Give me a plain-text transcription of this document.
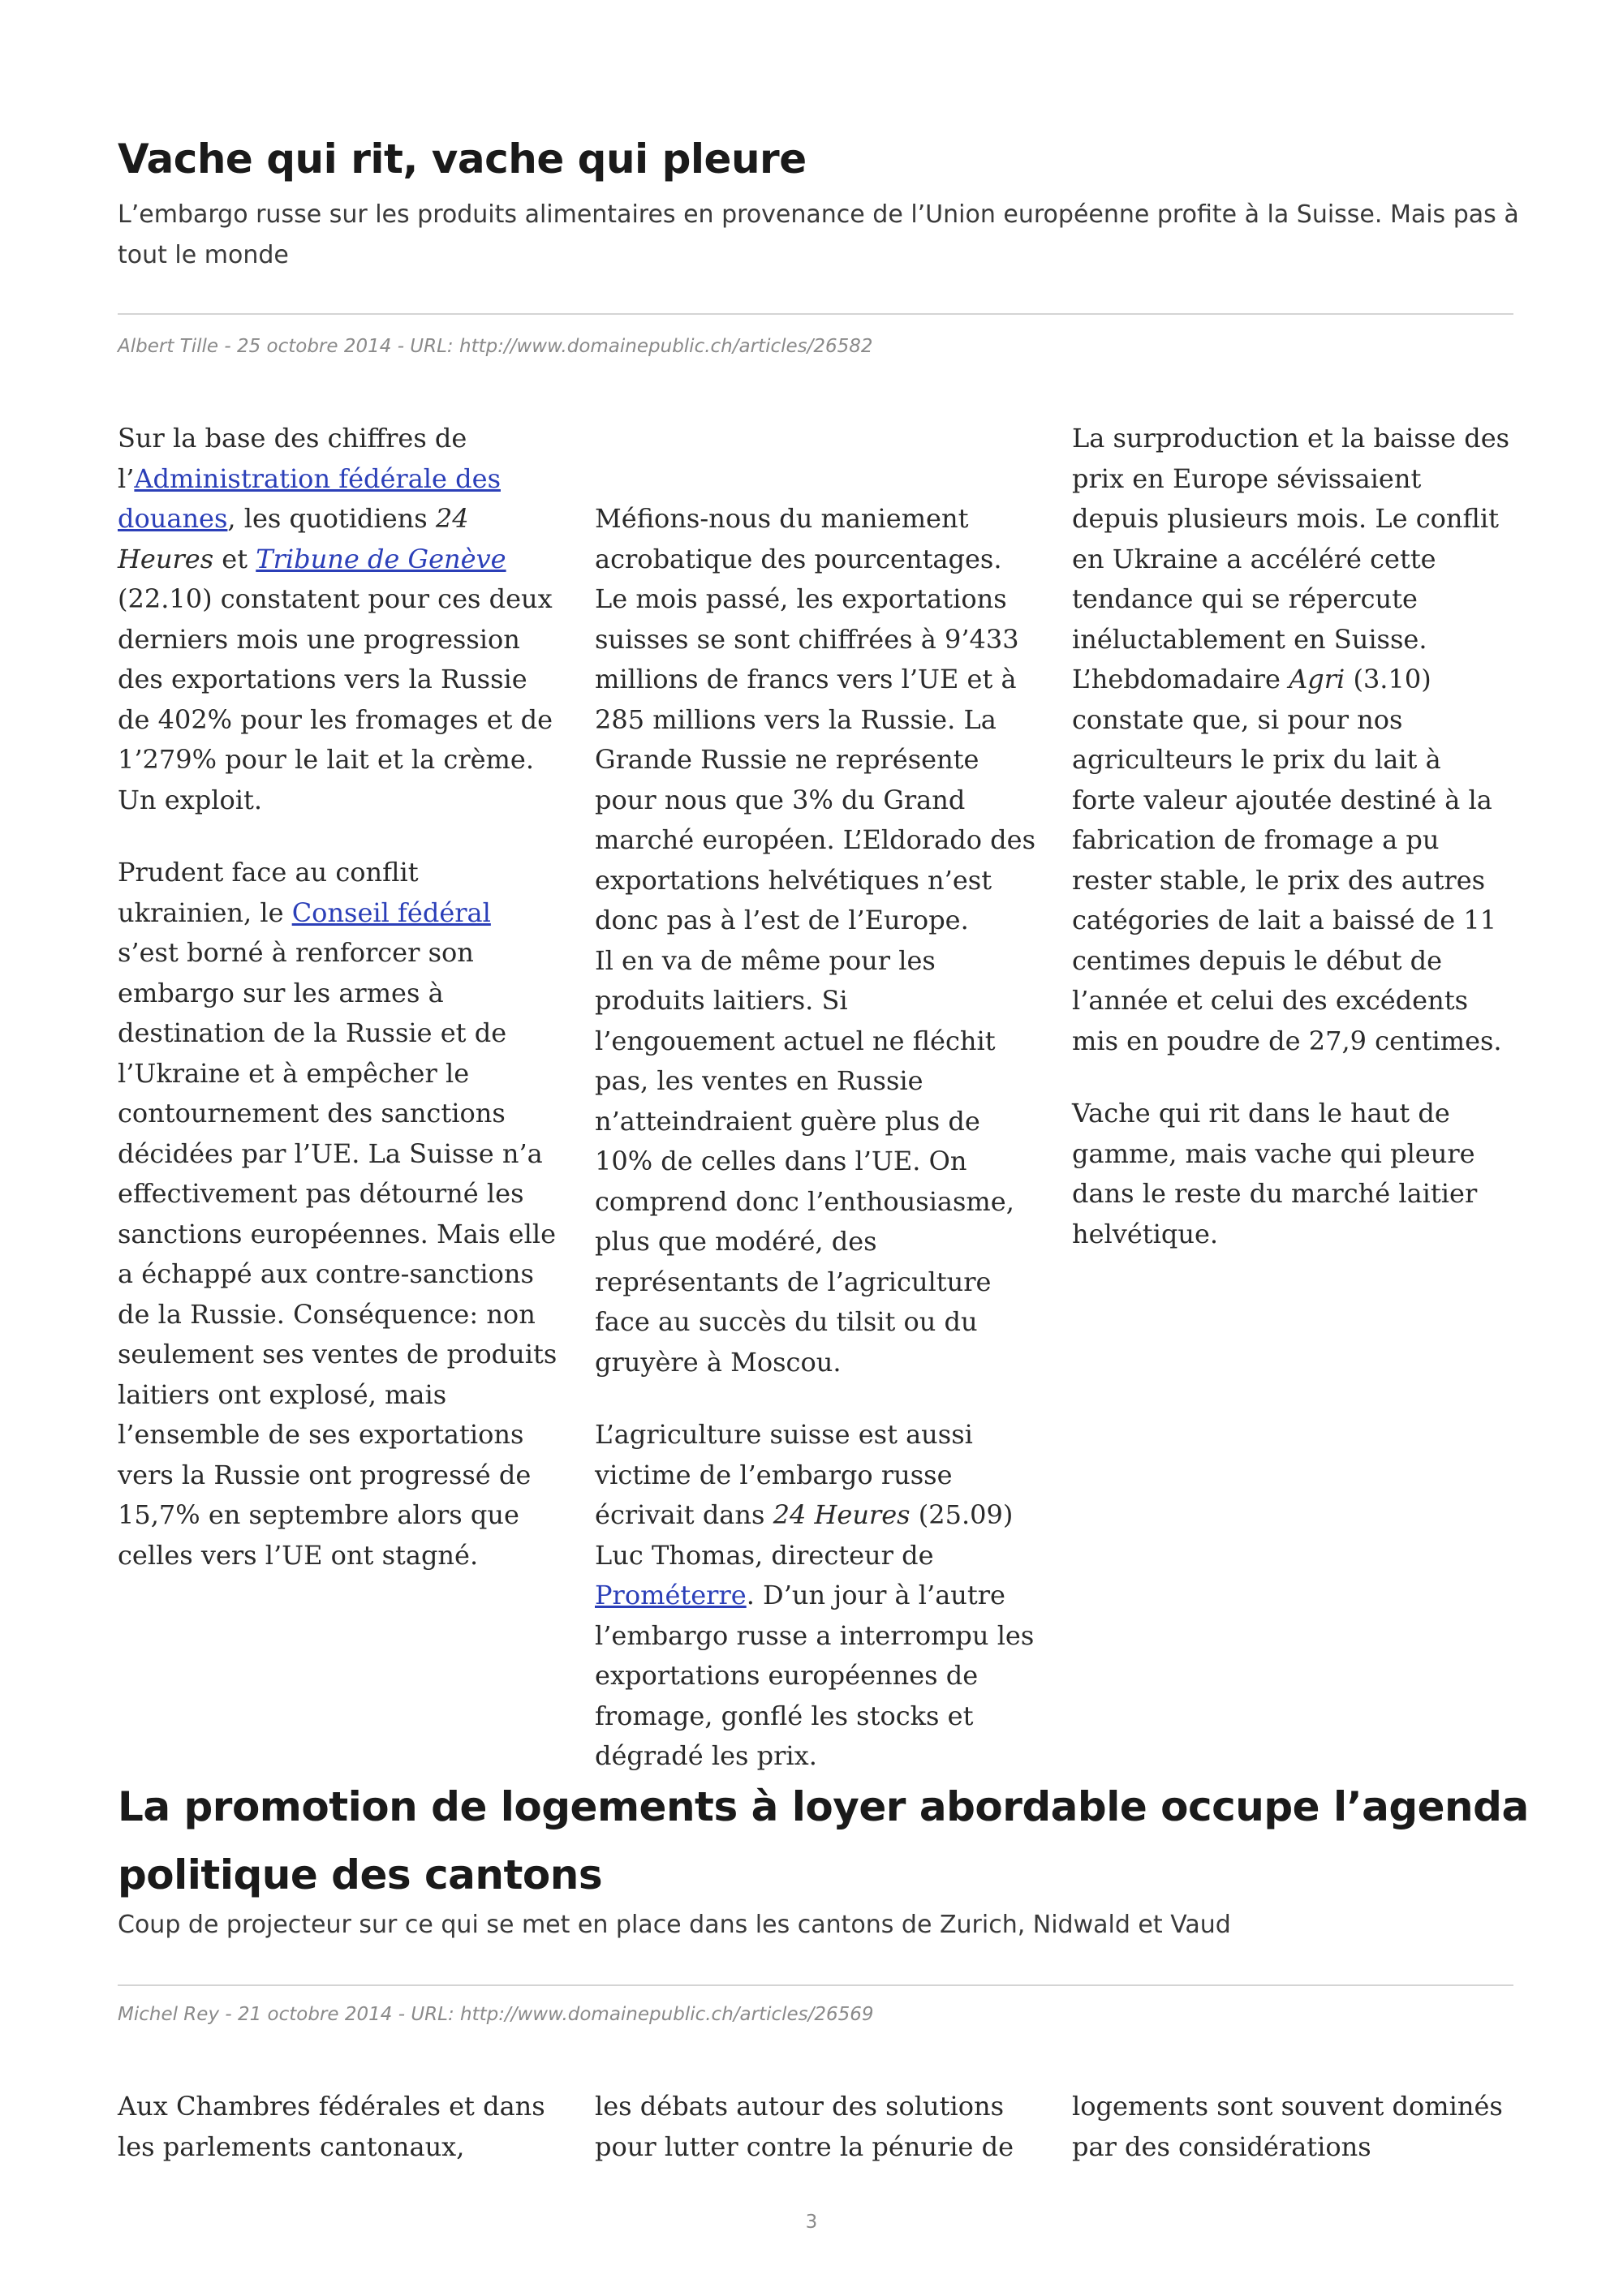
Vache qui rit, vache qui pleure

L’embargo russe sur les produits alimentaires en provenance de l’Union européenne profite à la Suisse. Mais pas à tout le monde

Albert Tille - 25 octobre 2014 - URL: http://www.domainepublic.ch/articles/26582

Sur la base des chiffres de l’Administration fédérale des douanes, les quotidiens 24 Heures et Tribune de Genève (22.10) constatent pour ces deux derniers mois une progression des exportations vers la Russie de 402% pour les fromages et de 1’279% pour le lait et la crème. Un exploit.

Prudent face au conflit ukrainien, le Conseil fédéral s’est borné à renforcer son embargo sur les armes à destination de la Russie et de l’Ukraine et à empêcher le contournement des sanctions décidées par l’UE. La Suisse n’a effectivement pas détourné les sanctions européennes. Mais elle a échappé aux contre-sanctions de la Russie. Conséquence: non seulement ses ventes de produits laitiers ont explosé, mais l’ensemble de ses exportations vers la Russie ont progressé de 15,7% en septembre alors que celles vers l’UE ont stagné.

Méfions-nous du maniement acrobatique des pourcentages. Le mois passé, les exportations suisses se sont chiffrées à 9’433 millions de francs vers l’UE et à 285 millions vers la Russie. La Grande Russie ne représente pour nous que 3% du Grand marché européen. L’Eldorado des exportations helvétiques n’est donc pas à l’est de l’Europe.

Il en va de même pour les produits laitiers. Si l’engouement actuel ne fléchit pas, les ventes en Russie n’atteindraient guère plus de 10% de celles dans l’UE. On comprend donc l’enthousiasme, plus que modéré, des représentants de l’agriculture face au succès du tilsit ou du gruyère à Moscou.

L’agriculture suisse est aussi victime de l’embargo russe écrivait dans 24 Heures (25.09) Luc Thomas, directeur de Prométerre. D’un jour à l’autre l’embargo russe a interrompu les exportations européennes de fromage, gonflé les stocks et dégradé les prix.

La surproduction et la baisse des prix en Europe sévissaient depuis plusieurs mois. Le conflit en Ukraine a accéléré cette tendance qui se répercute inéluctablement en Suisse. L’hebdomadaire Agri (3.10) constate que, si pour nos agriculteurs le prix du lait à forte valeur ajoutée destiné à la fabrication de fromage a pu rester stable, le prix des autres catégories de lait a baissé de 11 centimes depuis le début de l’année et celui des excédents mis en poudre de 27,9 centimes.

Vache qui rit dans le haut de gamme, mais vache qui pleure dans le reste du marché laitier helvétique.

La promotion de logements à loyer abordable occupe l’agenda politique des cantons

Coup de projecteur sur ce qui se met en place dans les cantons de Zurich, Nidwald et Vaud

Michel Rey - 21 octobre 2014 - URL: http://www.domainepublic.ch/articles/26569

Aux Chambres fédérales et dans les parlements cantonaux,

les débats autour des solutions pour lutter contre la pénurie de

logements sont souvent dominés par des considérations

3
